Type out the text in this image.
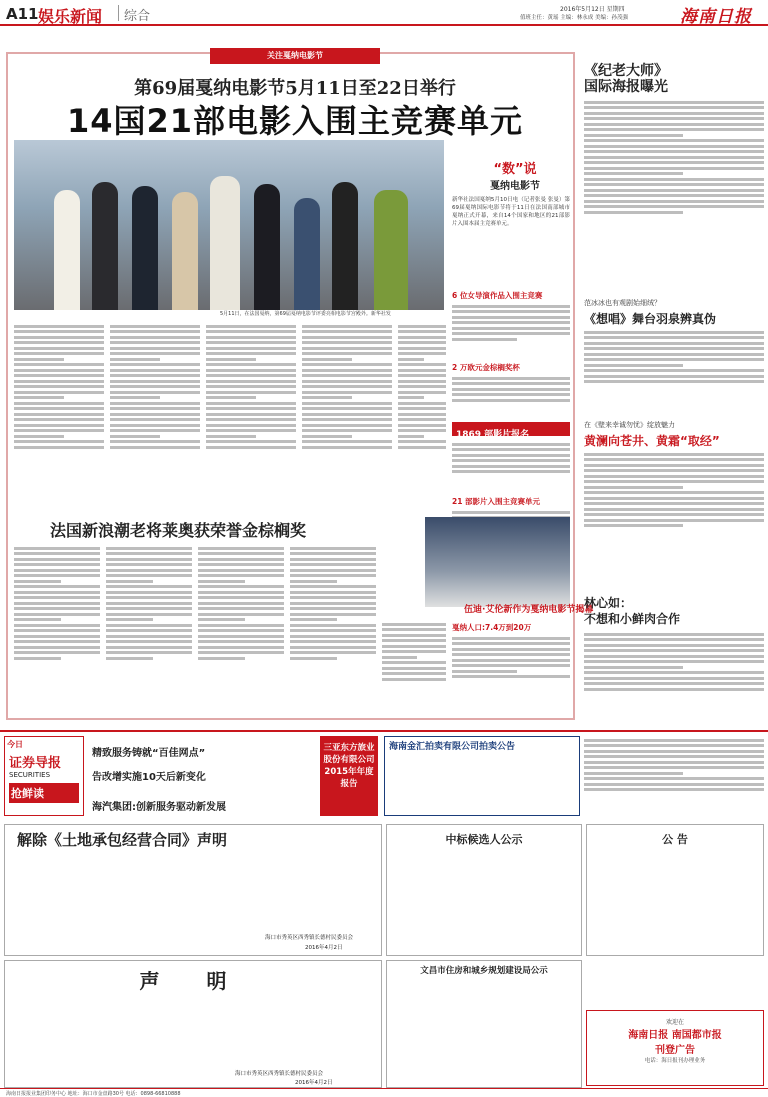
A11 娱乐新闻 综合	2016年5月12日 星期四
值班主任：黄瑶 主编：林永成 美编：孙茂强	海南日报
关注戛纳电影节
第69届戛纳电影节5月11日至22日举行
14国21部电影入围主竞赛单元
5月11日，在法国戛纳，第69届戛纳电影节评委亮相电影节宫殿外。新华社发
“数”说
戛纳电影节
新华社法国戛纳5月10日电（记者张曼 张曼）第69届戛纳国际电影节将于11日在法国南部城市戛纳正式开幕，来自14个国家和地区的21部影片入围本届主竞赛单元。
6 位女导演作品入围主竞赛
2 万欧元金棕榈奖杯
1869 部影片报名
21 部影片入围主竞赛单元
戛纳人口:7.4万到20万
法国新浪潮老将莱奥获荣誉金棕榈奖
伍迪·艾伦新作为戛纳电影节揭幕
《纪老大师》
国际海报曝光
范冰冰也有观剧始细绒？
《想唱》舞台羽泉辨真伪
在《壁来幸诚勿忧》绽放魅力
黄澜向苍井、黄霜“取经”
林心如：
不想和小鲜肉合作
今日
证券导报
SECURITIES
抢鲜读
精致服务铸就“百佳网点”
告改增实施10天后新变化
海汽集团:创新服务驱动新发展
三亚东方旅业股份有限公司2015年年度报告
海南金汇拍卖有限公司拍卖公告
解除《土地承包经营合同》声明
海口市秀英区西秀镇长德村民委员会
2016年4月2日
中标候选人公示	公 告
声 明
海口市秀英区西秀镇长德村民委员会
2016年4月2日
文昌市住房和城乡规划建设局公示
欢迎在
海南日报 南国都市报
刊登广告
电话：海日报刊办理业务
海南日报报业集团印务中心 地址：海口市金盘路30号 电话：0898-66810888
